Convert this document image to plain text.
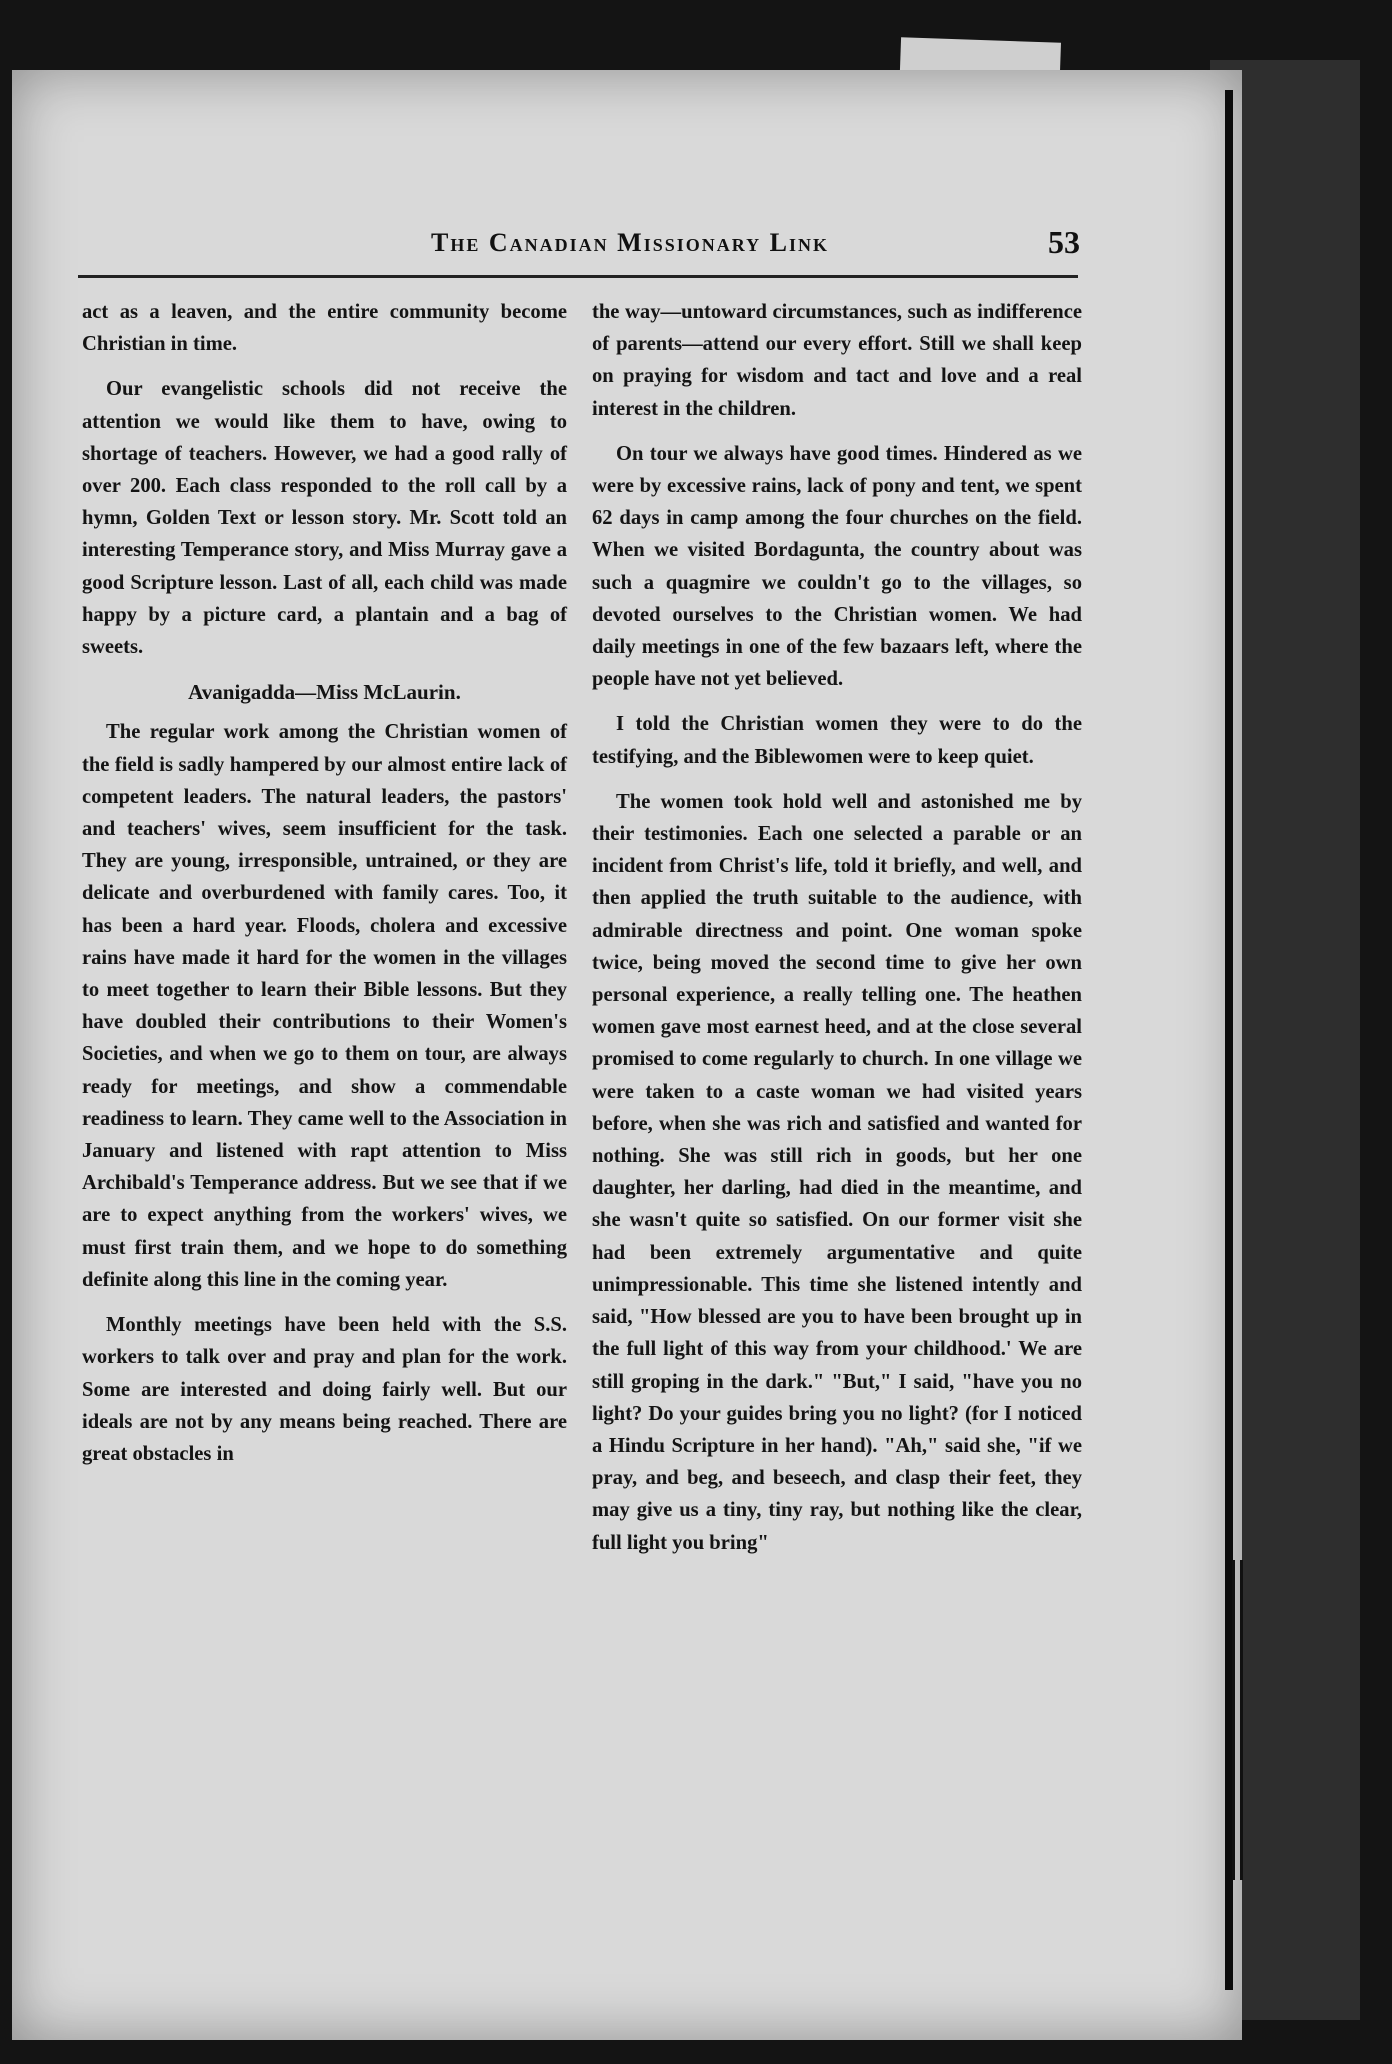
The Canadian Missionary Link	53

act as a leaven, and the entire community become Christian in time.

Our evangelistic schools did not receive the attention we would like them to have, owing to shortage of teachers. However, we had a good rally of over 200. Each class responded to the roll call by a hymn, Golden Text or lesson story. Mr. Scott told an interesting Temperance story, and Miss Murray gave a good Scripture lesson. Last of all, each child was made happy by a picture card, a plantain and a bag of sweets.

Avanigadda—Miss McLaurin.

The regular work among the Christian women of the field is sadly hampered by our almost entire lack of competent leaders. The natural leaders, the pastors' and teachers' wives, seem insufficient for the task. They are young, irresponsible, untrained, or they are delicate and overburdened with family cares. Too, it has been a hard year. Floods, cholera and excessive rains have made it hard for the women in the villages to meet together to learn their Bible lessons. But they have doubled their contributions to their Women's Societies, and when we go to them on tour, are always ready for meetings, and show a commendable readiness to learn. They came well to the Association in January and listened with rapt attention to Miss Archibald's Temperance address. But we see that if we are to expect anything from the workers' wives, we must first train them, and we hope to do something definite along this line in the coming year.

Monthly meetings have been held with the S.S. workers to talk over and pray and plan for the work. Some are interested and doing fairly well. But our ideals are not by any means being reached. There are great obstacles in

the way—untoward circumstances, such as indifference of parents—attend our every effort. Still we shall keep on praying for wisdom and tact and love and a real interest in the children.

On tour we always have good times. Hindered as we were by excessive rains, lack of pony and tent, we spent 62 days in camp among the four churches on the field. When we visited Bordagunta, the country about was such a quagmire we couldn't go to the villages, so devoted ourselves to the Christian women. We had daily meetings in one of the few bazaars left, where the people have not yet believed.

I told the Christian women they were to do the testifying, and the Biblewomen were to keep quiet.

The women took hold well and astonished me by their testimonies. Each one selected a parable or an incident from Christ's life, told it briefly, and well, and then applied the truth suitable to the audience, with admirable directness and point. One woman spoke twice, being moved the second time to give her own personal experience, a really telling one. The heathen women gave most earnest heed, and at the close several promised to come regularly to church. In one village we were taken to a caste woman we had visited years before, when she was rich and satisfied and wanted for nothing. She was still rich in goods, but her one daughter, her darling, had died in the meantime, and she wasn't quite so satisfied. On our former visit she had been extremely argumentative and quite unimpressionable. This time she listened intently and said, "How blessed are you to have been brought up in the full light of this way from your childhood.' We are still groping in the dark." "But," I said, "have you no light? Do your guides bring you no light? (for I noticed a Hindu Scripture in her hand). "Ah," said she, "if we pray, and beg, and beseech, and clasp their feet, they may give us a tiny, tiny ray, but nothing like the clear, full light you bring"
